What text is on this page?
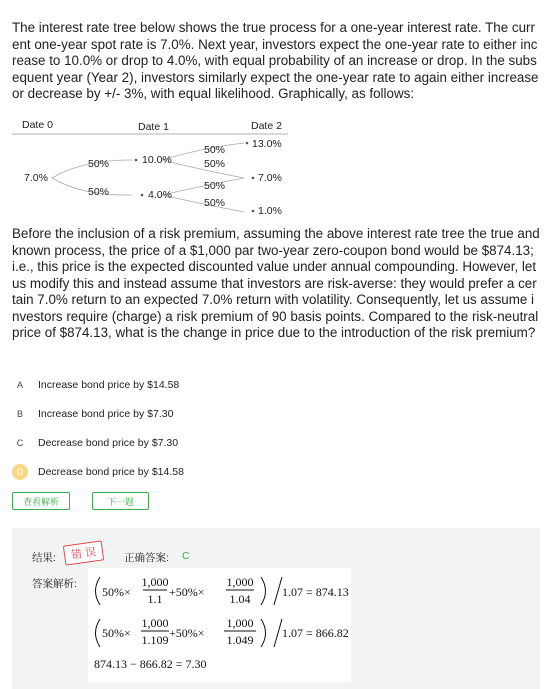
The interest rate tree below shows the true process for a one-year interest rate. The current one-year spot rate is 7.0%. Next year, investors expect the one-year rate to either increase to 10.0% or drop to 4.0%, with equal probability of an increase or drop. In the subsequent year (Year 2), investors similarly expect the one-year rate to again either increase or decrease by +/- 3%, with equal likelihood. Graphically, as follows:

Date 0	Date 1	Date 2
7.0%
50%
50%
10.0%
4.0%
50%
50%
50%
50%
13.0%
7.0%
1.0%

Before the inclusion of a risk premium, assuming the above interest rate tree the true and known process, the price of a $1,000 par two-year zero-coupon bond would be $874.13; i.e., this price is the expected discounted value under annual compounding. However, let us modify this and instead assume that investors are risk-averse: they would prefer a certain 7.0% return to an expected 7.0% return with volatility. Consequently, let us assume investors require (charge) a risk premium of 90 basis points. Compared to the risk-neutral price of $874.13, what is the change in price due to the introduction of the risk premium?

A	Increase bond price by $14.58
B	Increase bond price by $7.30
C	Decrease bond price by $7.30
D	Decrease bond price by $14.58
查看解析	下一题
结果:	错 误	正确答案: C
答案解析:
50%×
1,000
1.1 +50%×
1,000
1.04	1.07 = 874.13
50%×
1,000
1.109 +50%×
1,000
1.049 1.07 = 866.82
874.13 − 866.82 = 7.30
